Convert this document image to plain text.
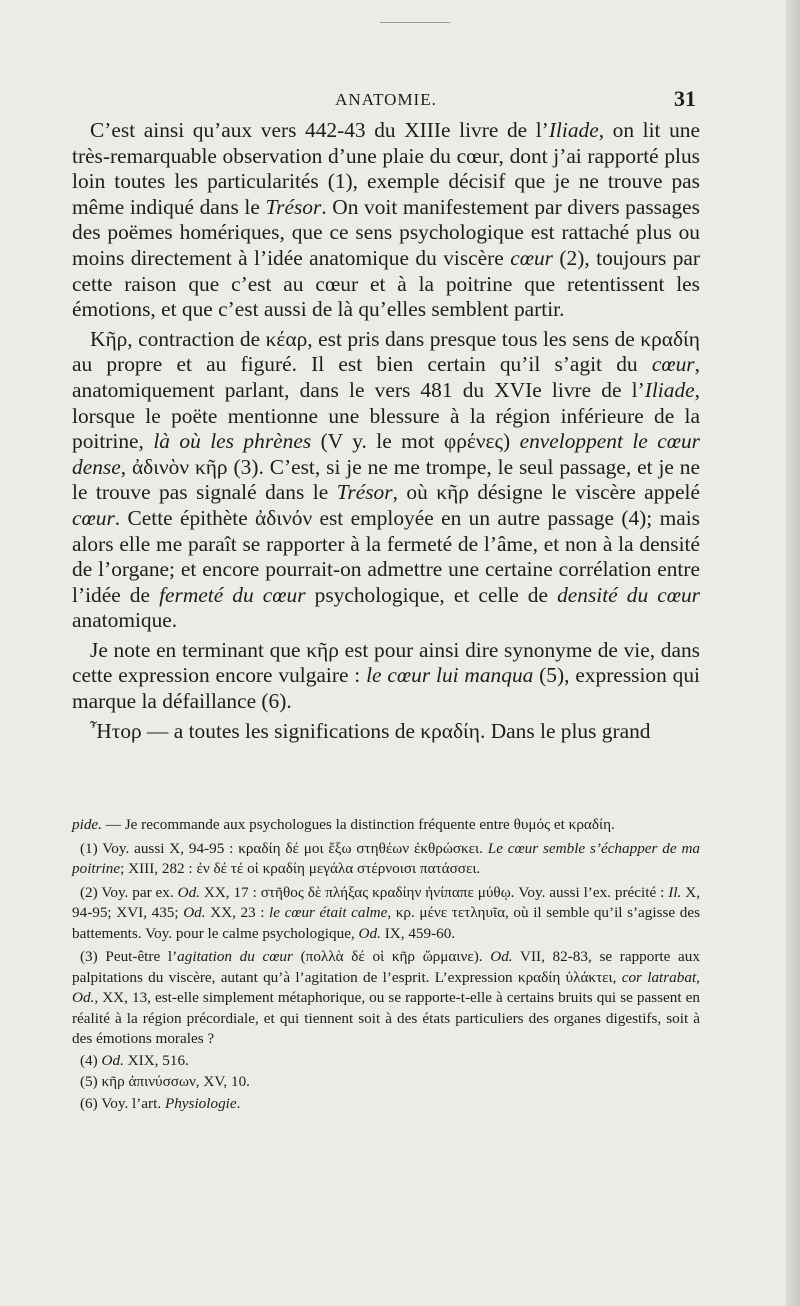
ANATOMIE.	31

C’est ainsi qu’aux vers 442-43 du XIIIe livre de l’Iliade, on lit une très-remarquable observation d’une plaie du cœur, dont j’ai rapporté plus loin toutes les particularités (1), exemple décisif que je ne trouve pas même indiqué dans le Trésor. On voit manifestement par divers passages des poëmes homériques, que ce sens psychologique est rattaché plus ou moins directement à l’idée anatomique du viscère cœur (2), toujours par cette raison que c’est au cœur et à la poitrine que retentissent les émotions, et que c’est aussi de là qu’elles semblent partir.

Κῆρ, contraction de κέαρ, est pris dans presque tous les sens de κραδίη au propre et au figuré. Il est bien certain qu’il s’agit du cœur, anatomiquement parlant, dans le vers 481 du XVIe livre de l’Iliade, lorsque le poëte mentionne une blessure à la région inférieure de la poitrine, là où les phrènes (V y. le mot φρένες) enveloppent le cœur dense, ἀδινὸν κῆρ (3). C’est, si je ne me trompe, le seul passage, et je ne le trouve pas signalé dans le Trésor, où κῆρ désigne le viscère appelé cœur. Cette épithète ἀδινόν est employée en un autre passage (4); mais alors elle me paraît se rapporter à la fermeté de l’âme, et non à la densité de l’organe; et encore pourrait-on admettre une certaine corrélation entre l’idée de fermeté du cœur psychologique, et celle de densité du cœur anatomique.

Je note en terminant que κῆρ est pour ainsi dire synonyme de vie, dans cette expression encore vulgaire : le cœur lui manqua (5), expression qui marque la défaillance (6).

Ἦτορ — a toutes les significations de κραδίη. Dans le plus grand

pide. — Je recommande aux psychologues la distinction fréquente entre θυμός et κραδίη.

(1) Voy. aussi X, 94-95 : κραδίη δέ μοι ἔξω στηθέων ἐκθρώσκει. Le cœur semble s’échapper de ma poitrine; XIII, 282 : ἐν δέ τέ οἱ κραδίη μεγάλα στέρνοισι πατάσσει.

(2) Voy. par ex. Od. XX, 17 : στῆθος δὲ πλήξας κραδίην ἠνίπαπε μύθῳ. Voy. aussi l’ex. précité : Il. X, 94-95; XVI, 435; Od. XX, 23 : le cœur était calme, κρ. μένε τετληυῖα, où il semble qu’il s’agisse des battements. Voy. pour le calme psychologique, Od. IX, 459-60.

(3) Peut-être l’agitation du cœur (πολλὰ δέ οἱ κῆρ ὥρμαινε). Od. VII, 82-83, se rapporte aux palpitations du viscère, autant qu’à l’agitation de l’esprit. L’expression κραδίη ὑλάκτει, cor latrabat, Od., XX, 13, est-elle simplement métaphorique, ou se rapporte-t-elle à certains bruits qui se passent en réalité à la région précordiale, et qui tiennent soit à des états particuliers des organes digestifs, soit à des émotions morales ?

(4) Od. XIX, 516.

(5) κῆρ ἀπινύσσων, XV, 10.

(6) Voy. l’art. Physiologie.
